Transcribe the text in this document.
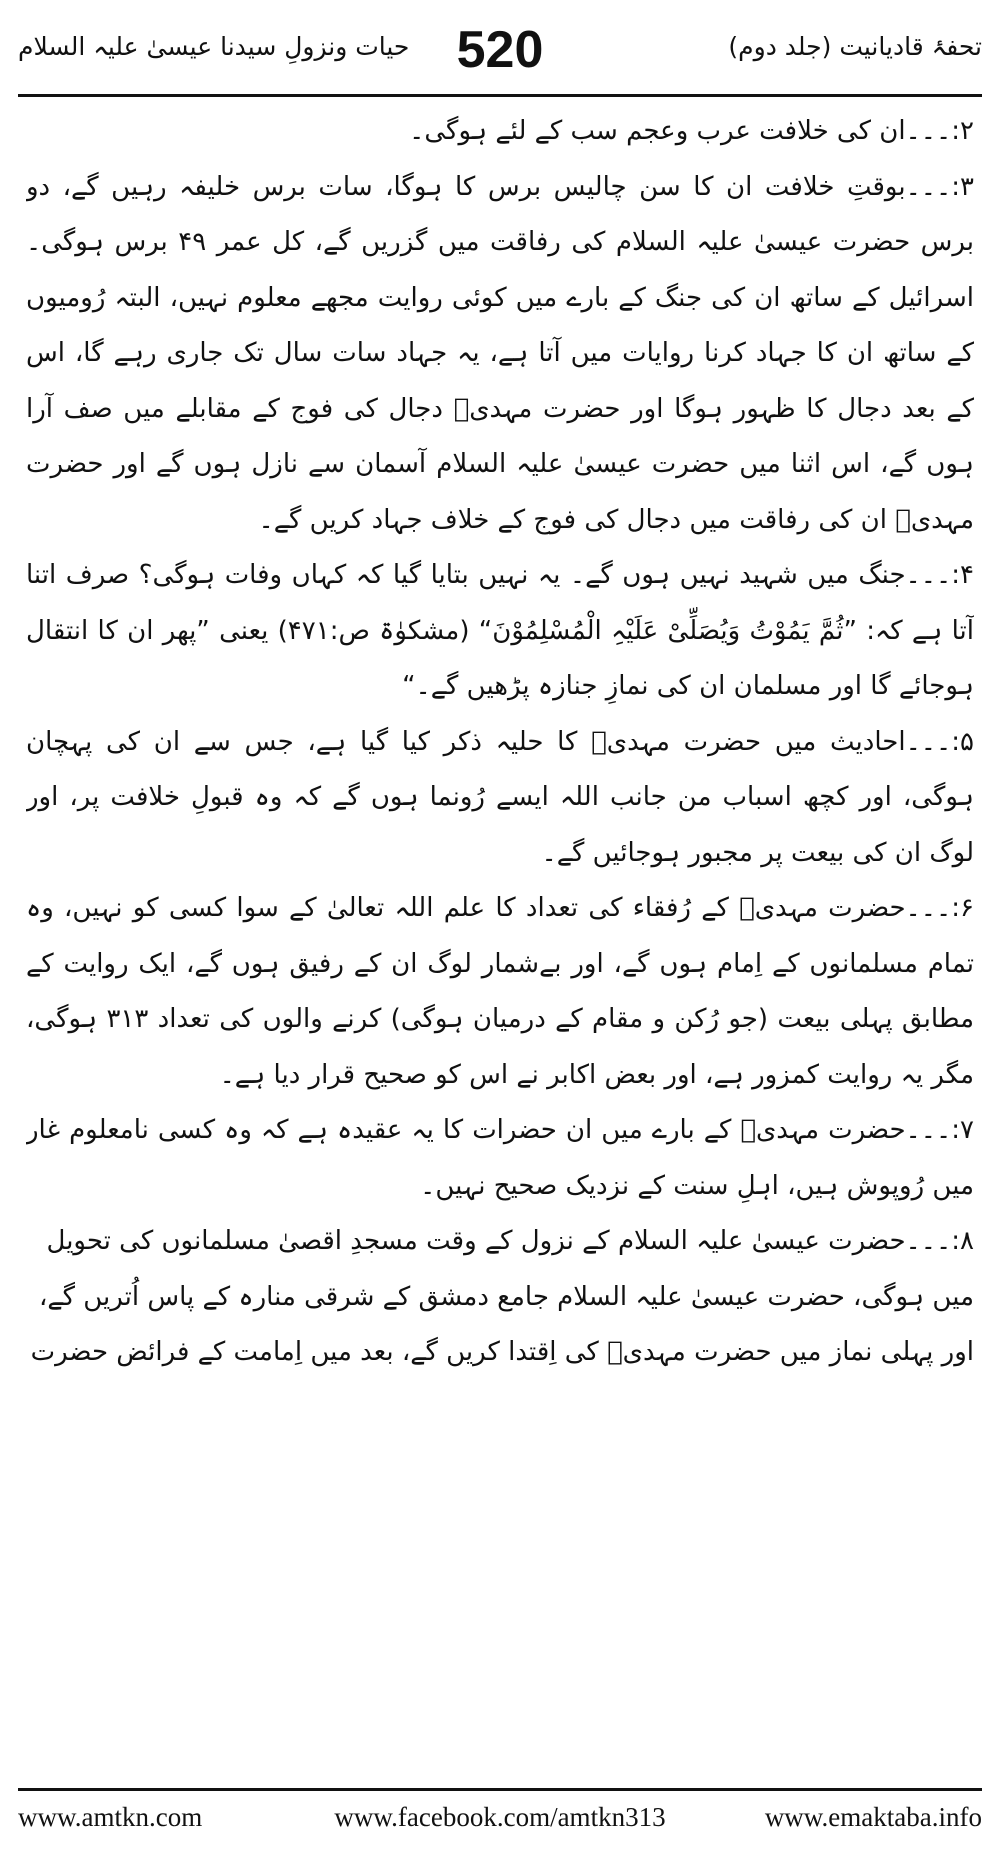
حیات ونزولِ سیدنا عیسیٰ علیہ السلام 520	تحفۂ قادیانیت (جلد دوم)

۲:۔۔۔ان کی خلافت عرب وعجم سب کے لئے ہوگی۔

۳:۔۔۔بوقتِ خلافت ان کا سن چالیس برس کا ہوگا، سات برس خلیفہ رہیں گے، دو برس حضرت عیسیٰ علیہ السلام کی رفاقت میں گزریں گے، کل عمر ۴۹ برس ہوگی۔ اسرائیل کے ساتھ ان کی جنگ کے بارے میں کوئی روایت مجھے معلوم نہیں، البتہ رُومیوں کے ساتھ ان کا جہاد کرنا روایات میں آتا ہے، یہ جہاد سات سال تک جاری رہے گا، اس کے بعد دجال کا ظہور ہوگا اور حضرت مہدیؓ دجال کی فوج کے مقابلے میں صف آرا ہوں گے، اس اثنا میں حضرت عیسیٰ علیہ السلام آسمان سے نازل ہوں گے اور حضرت مہدیؓ ان کی رفاقت میں دجال کی فوج کے خلاف جہاد کریں گے۔

۴:۔۔۔جنگ میں شہید نہیں ہوں گے۔ یہ نہیں بتایا گیا کہ کہاں وفات ہوگی؟ صرف اتنا آتا ہے کہ: ”ثُمَّ یَمُوْتُ وَیُصَلِّیْ عَلَیْہِ الْمُسْلِمُوْنَ“ (مشکوٰۃ ص:۴۷۱) یعنی ”پھر ان کا انتقال ہوجائے گا اور مسلمان ان کی نمازِ جنازہ پڑھیں گے۔“

۵:۔۔۔احادیث میں حضرت مہدیؓ کا حلیہ ذکر کیا گیا ہے، جس سے ان کی پہچان ہوگی، اور کچھ اسباب من جانب اللہ ایسے رُونما ہوں گے کہ وہ قبولِ خلافت پر، اور لوگ ان کی بیعت پر مجبور ہوجائیں گے۔

۶:۔۔۔حضرت مہدیؓ کے رُفقاء کی تعداد کا علم اللہ تعالیٰ کے سوا کسی کو نہیں، وہ تمام مسلمانوں کے اِمام ہوں گے، اور بےشمار لوگ ان کے رفیق ہوں گے، ایک روایت کے مطابق پہلی بیعت (جو رُکن و مقام کے درمیان ہوگی) کرنے والوں کی تعداد ۳۱۳ ہوگی، مگر یہ روایت کمزور ہے، اور بعض اکابر نے اس کو صحیح قرار دیا ہے۔

۷:۔۔۔حضرت مہدیؓ کے بارے میں ان حضرات کا یہ عقیدہ ہے کہ وہ کسی نامعلوم غار میں رُوپوش ہیں، اہلِ سنت کے نزدیک صحیح نہیں۔

۸:۔۔۔حضرت عیسیٰ علیہ السلام کے نزول کے وقت مسجدِ اقصیٰ مسلمانوں کی تحویل میں ہوگی، حضرت عیسیٰ علیہ السلام جامع دمشق کے شرقی منارہ کے پاس اُتریں گے، اور پہلی نماز میں حضرت مہدیؓ کی اِقتدا کریں گے، بعد میں اِمامت کے فرائض حضرت

www.facebook.com/amtkn313
www.amtkn.com	www.emaktaba.info
